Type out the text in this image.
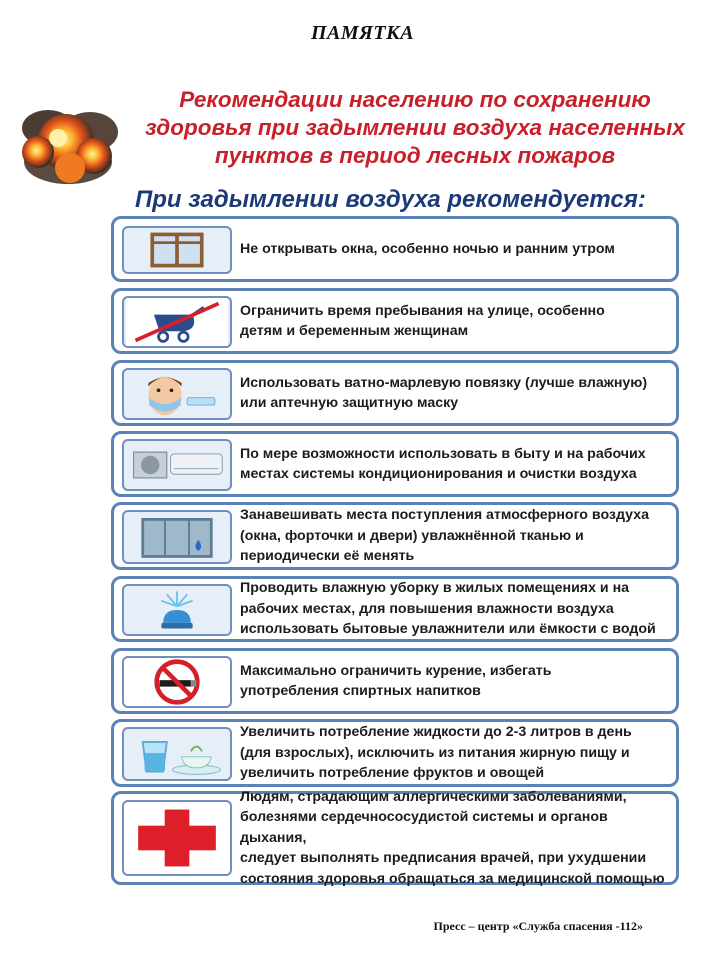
ПАМЯТКА
Рекомендации населению по сохранению
здоровья при задымлении воздуха населенных
пунктов в период лесных пожаров
При задымлении воздуха рекомендуется:
Не открывать окна, особенно ночью и ранним утром
Ограничить время пребывания на улице, особенно
детям и беременным женщинам
Использовать ватно-марлевую повязку (лучше влажную)
или аптечную защитную маску
По мере возможности использовать в быту и на рабочих
местах системы кондиционирования и очистки воздуха
Занавешивать места поступления атмосферного воздуха
(окна, форточки и двери) увлажнённой тканью и
периодически её менять
Проводить влажную уборку в жилых помещениях и на
рабочих местах, для повышения влажности воздуха
использовать бытовые увлажнители или ёмкости с водой
Максимально ограничить курение, избегать
употребления спиртных напитков
Увеличить потребление жидкости до 2-3 литров в день
(для взрослых), исключить из питания жирную пищу и
увеличить потребление фруктов и овощей
Людям, страдающим аллергическими заболеваниями,
болезнями сердечнососудистой системы и органов дыхания,
следует выполнять предписания врачей, при ухудшении
состояния здоровья обращаться за медицинской помощью
Пресс – центр «Служба спасения -112»
